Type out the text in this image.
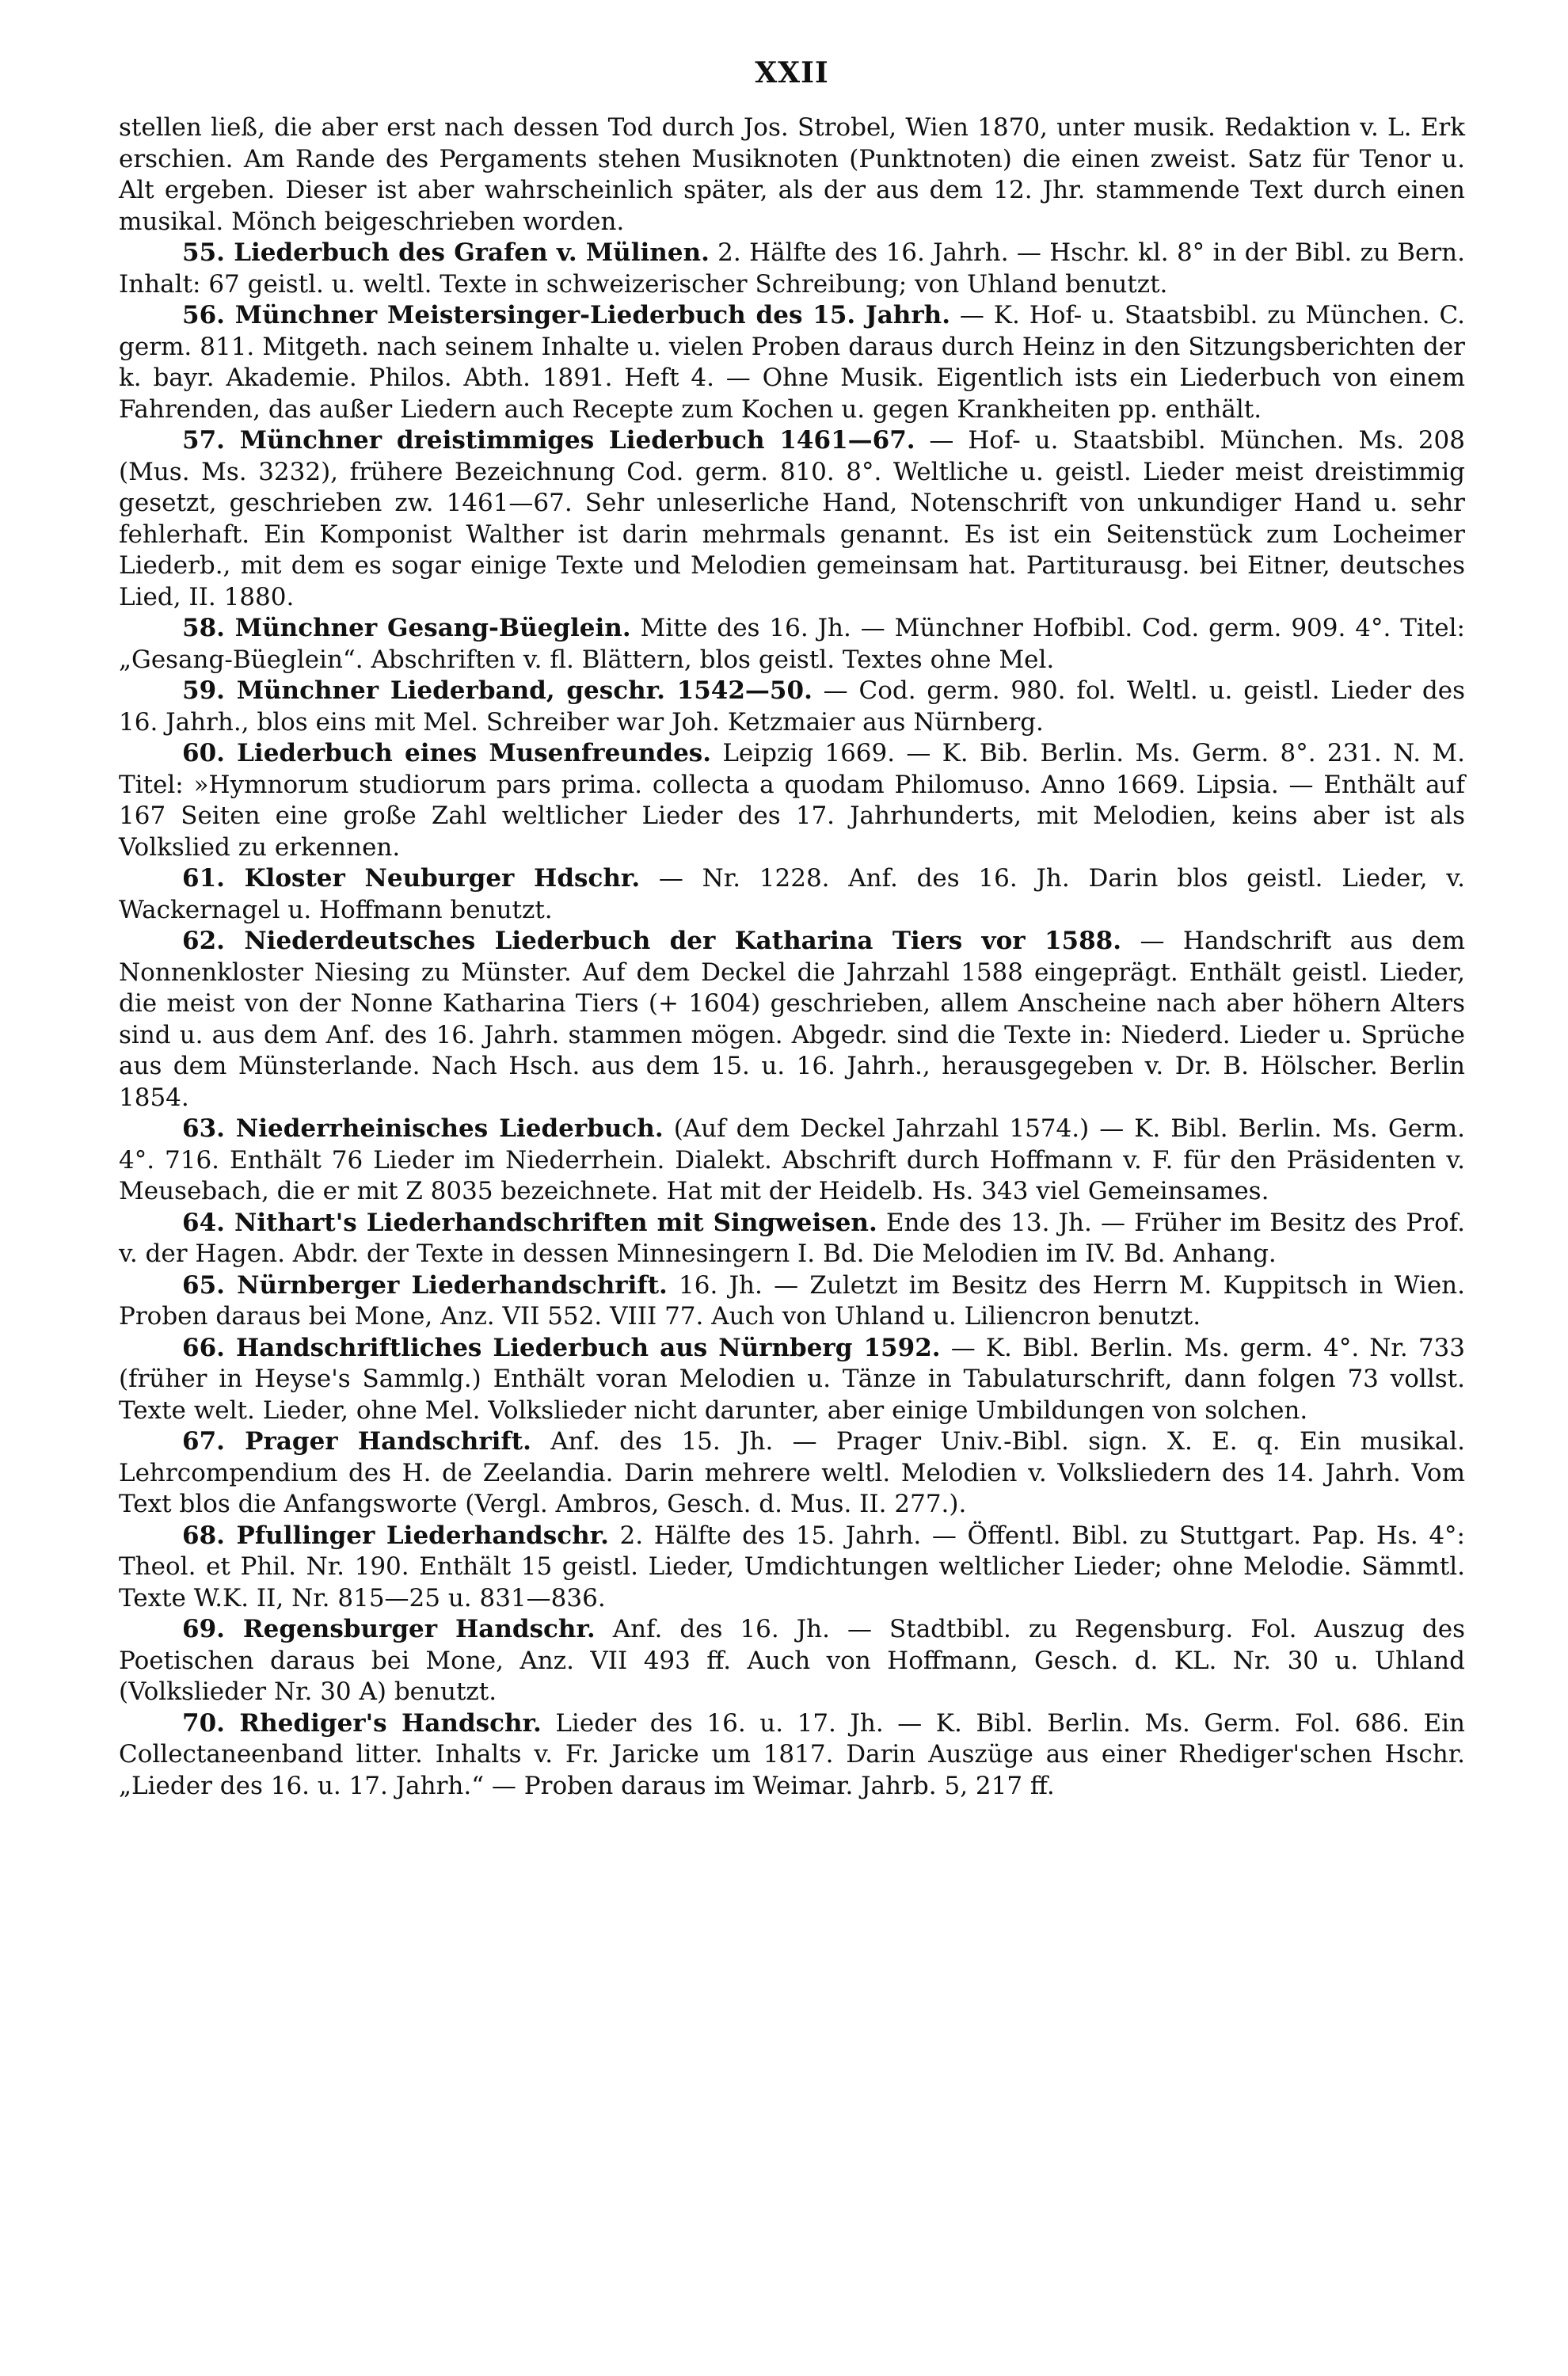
XXII

stellen ließ, die aber erst nach dessen Tod durch Jos. Strobel, Wien 1870, unter musik. Redaktion v. L. Erk erschien. Am Rande des Pergaments stehen Musiknoten (Punktnoten) die einen zweist. Satz für Tenor u. Alt ergeben. Dieser ist aber wahrscheinlich später, als der aus dem 12. Jhr. stammende Text durch einen musikal. Mönch beigeschrieben worden.

55. Liederbuch des Grafen v. Mülinen. 2. Hälfte des 16. Jahrh. — Hschr. kl. 8° in der Bibl. zu Bern. Inhalt: 67 geistl. u. weltl. Texte in schweizerischer Schreibung; von Uhland benutzt.

56. Münchner Meistersinger-Liederbuch des 15. Jahrh. — K. Hof- u. Staatsbibl. zu München. C. germ. 811. Mitgeth. nach seinem Inhalte u. vielen Proben daraus durch Heinz in den Sitzungsberichten der k. bayr. Akademie. Philos. Abth. 1891. Heft 4. — Ohne Musik. Eigentlich ists ein Liederbuch von einem Fahrenden, das außer Liedern auch Recepte zum Kochen u. gegen Krankheiten pp. enthält.

57. Münchner dreistimmiges Liederbuch 1461—67. — Hof- u. Staatsbibl. München. Ms. 208 (Mus. Ms. 3232), frühere Bezeichnung Cod. germ. 810. 8°. Weltliche u. geistl. Lieder meist dreistimmig gesetzt, geschrieben zw. 1461—67. Sehr unleserliche Hand, Notenschrift von unkundiger Hand u. sehr fehlerhaft. Ein Komponist Walther ist darin mehrmals genannt. Es ist ein Seitenstück zum Locheimer Liederb., mit dem es sogar einige Texte und Melodien gemeinsam hat. Partiturausg. bei Eitner, deutsches Lied, II. 1880.

58. Münchner Gesang-Büeglein. Mitte des 16. Jh. — Münchner Hofbibl. Cod. germ. 909. 4°. Titel: „Gesang-Büeglein“. Abschriften v. fl. Blättern, blos geistl. Textes ohne Mel.

59. Münchner Liederband, geschr. 1542—50. — Cod. germ. 980. fol. Weltl. u. geistl. Lieder des 16. Jahrh., blos eins mit Mel. Schreiber war Joh. Ketzmaier aus Nürnberg.

60. Liederbuch eines Musenfreundes. Leipzig 1669. — K. Bib. Berlin. Ms. Germ. 8°. 231. N. M. Titel: »Hymnorum studiorum pars prima. collecta a quodam Philomuso. Anno 1669. Lipsia. — Enthält auf 167 Seiten eine große Zahl weltlicher Lieder des 17. Jahrhunderts, mit Melodien, keins aber ist als Volkslied zu erkennen.

61. Kloster Neuburger Hdschr. — Nr. 1228. Anf. des 16. Jh. Darin blos geistl. Lieder, v. Wackernagel u. Hoffmann benutzt.

62. Niederdeutsches Liederbuch der Katharina Tiers vor 1588. — Handschrift aus dem Nonnenkloster Niesing zu Münster. Auf dem Deckel die Jahrzahl 1588 eingeprägt. Enthält geistl. Lieder, die meist von der Nonne Katharina Tiers (+ 1604) geschrieben, allem Anscheine nach aber höhern Alters sind u. aus dem Anf. des 16. Jahrh. stammen mögen. Abgedr. sind die Texte in: Niederd. Lieder u. Sprüche aus dem Münsterlande. Nach Hsch. aus dem 15. u. 16. Jahrh., herausgegeben v. Dr. B. Hölscher. Berlin 1854.

63. Niederrheinisches Liederbuch. (Auf dem Deckel Jahrzahl 1574.) — K. Bibl. Berlin. Ms. Germ. 4°. 716. Enthält 76 Lieder im Niederrhein. Dialekt. Abschrift durch Hoffmann v. F. für den Präsidenten v. Meusebach, die er mit Z 8035 bezeichnete. Hat mit der Heidelb. Hs. 343 viel Gemeinsames.

64. Nithart's Liederhandschriften mit Singweisen. Ende des 13. Jh. — Früher im Besitz des Prof. v. der Hagen. Abdr. der Texte in dessen Minnesingern I. Bd. Die Melodien im IV. Bd. Anhang.

65. Nürnberger Liederhandschrift. 16. Jh. — Zuletzt im Besitz des Herrn M. Kuppitsch in Wien. Proben daraus bei Mone, Anz. VII 552. VIII 77. Auch von Uhland u. Liliencron benutzt.

66. Handschriftliches Liederbuch aus Nürnberg 1592. — K. Bibl. Berlin. Ms. germ. 4°. Nr. 733 (früher in Heyse's Sammlg.) Enthält voran Melodien u. Tänze in Tabulaturschrift, dann folgen 73 vollst. Texte welt. Lieder, ohne Mel. Volkslieder nicht darunter, aber einige Umbildungen von solchen.

67. Prager Handschrift. Anf. des 15. Jh. — Prager Univ.-Bibl. sign. X. E. q. Ein musikal. Lehrcompendium des H. de Zeelandia. Darin mehrere weltl. Melodien v. Volksliedern des 14. Jahrh. Vom Text blos die Anfangsworte (Vergl. Ambros, Gesch. d. Mus. II. 277.).

68. Pfullinger Liederhandschr. 2. Hälfte des 15. Jahrh. — Öffentl. Bibl. zu Stuttgart. Pap. Hs. 4°: Theol. et Phil. Nr. 190. Enthält 15 geistl. Lieder, Umdichtungen weltlicher Lieder; ohne Melodie. Sämmtl. Texte W.K. II, Nr. 815—25 u. 831—836.

69. Regensburger Handschr. Anf. des 16. Jh. — Stadtbibl. zu Regensburg. Fol. Auszug des Poetischen daraus bei Mone, Anz. VII 493 ff. Auch von Hoffmann, Gesch. d. KL. Nr. 30 u. Uhland (Volkslieder Nr. 30 A) benutzt.

70. Rhediger's Handschr. Lieder des 16. u. 17. Jh. — K. Bibl. Berlin. Ms. Germ. Fol. 686. Ein Collectaneenband litter. Inhalts v. Fr. Jaricke um 1817. Darin Auszüge aus einer Rhediger'schen Hschr. „Lieder des 16. u. 17. Jahrh.“ — Proben daraus im Weimar. Jahrb. 5, 217 ff.
